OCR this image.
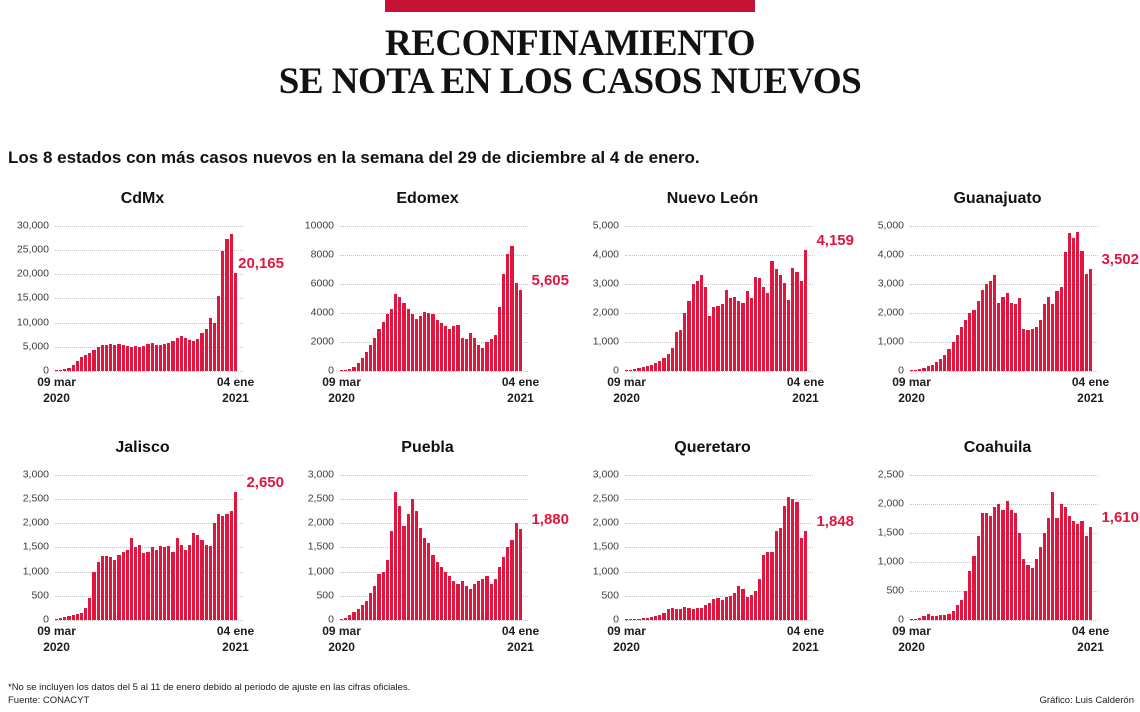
RECONFINAMIENTO
SE NOTA EN LOS CASOS NUEVOS
Los 8 estados con más casos nuevos en la semana del 29 de diciembre al 4 de enero.
CdMx
30,000
25,000
20,000
15,000
10,000
5,000
0
20,165
09 mar
2020
04 ene
2021
Edomex
10000
8000
6000
4000
2000
0
5,605
09 mar
2020
04 ene
2021
Nuevo León
5,000
4,000
3,000
2,000
1,000
0
4,159
09 mar
2020
04 ene
2021
Guanajuato
5,000
4,000
3,000
2,000
1,000
0
3,502
09 mar
2020
04 ene
2021
Jalisco
3,000
2,500
2,000
1,500
1,000
500
0
2,650
09 mar
2020
04 ene
2021
Puebla
3,000
2,500
2,000
1,500
1,000
500
0
1,880
09 mar
2020
04 ene
2021
Queretaro
3,000
2,500
2,000
1,500
1,000
500
0
1,848
09 mar
2020
04 ene
2021
Coahuila
2,500
2,000
1,500
1,000
500
0
1,610
09 mar
2020
04 ene
2021
*No se incluyen los datos del 5 al 11 de enero debido al periodo de ajuste en las cifras oficiales.
Fuente: CONACYT	Gráfico: Luis Calderón
